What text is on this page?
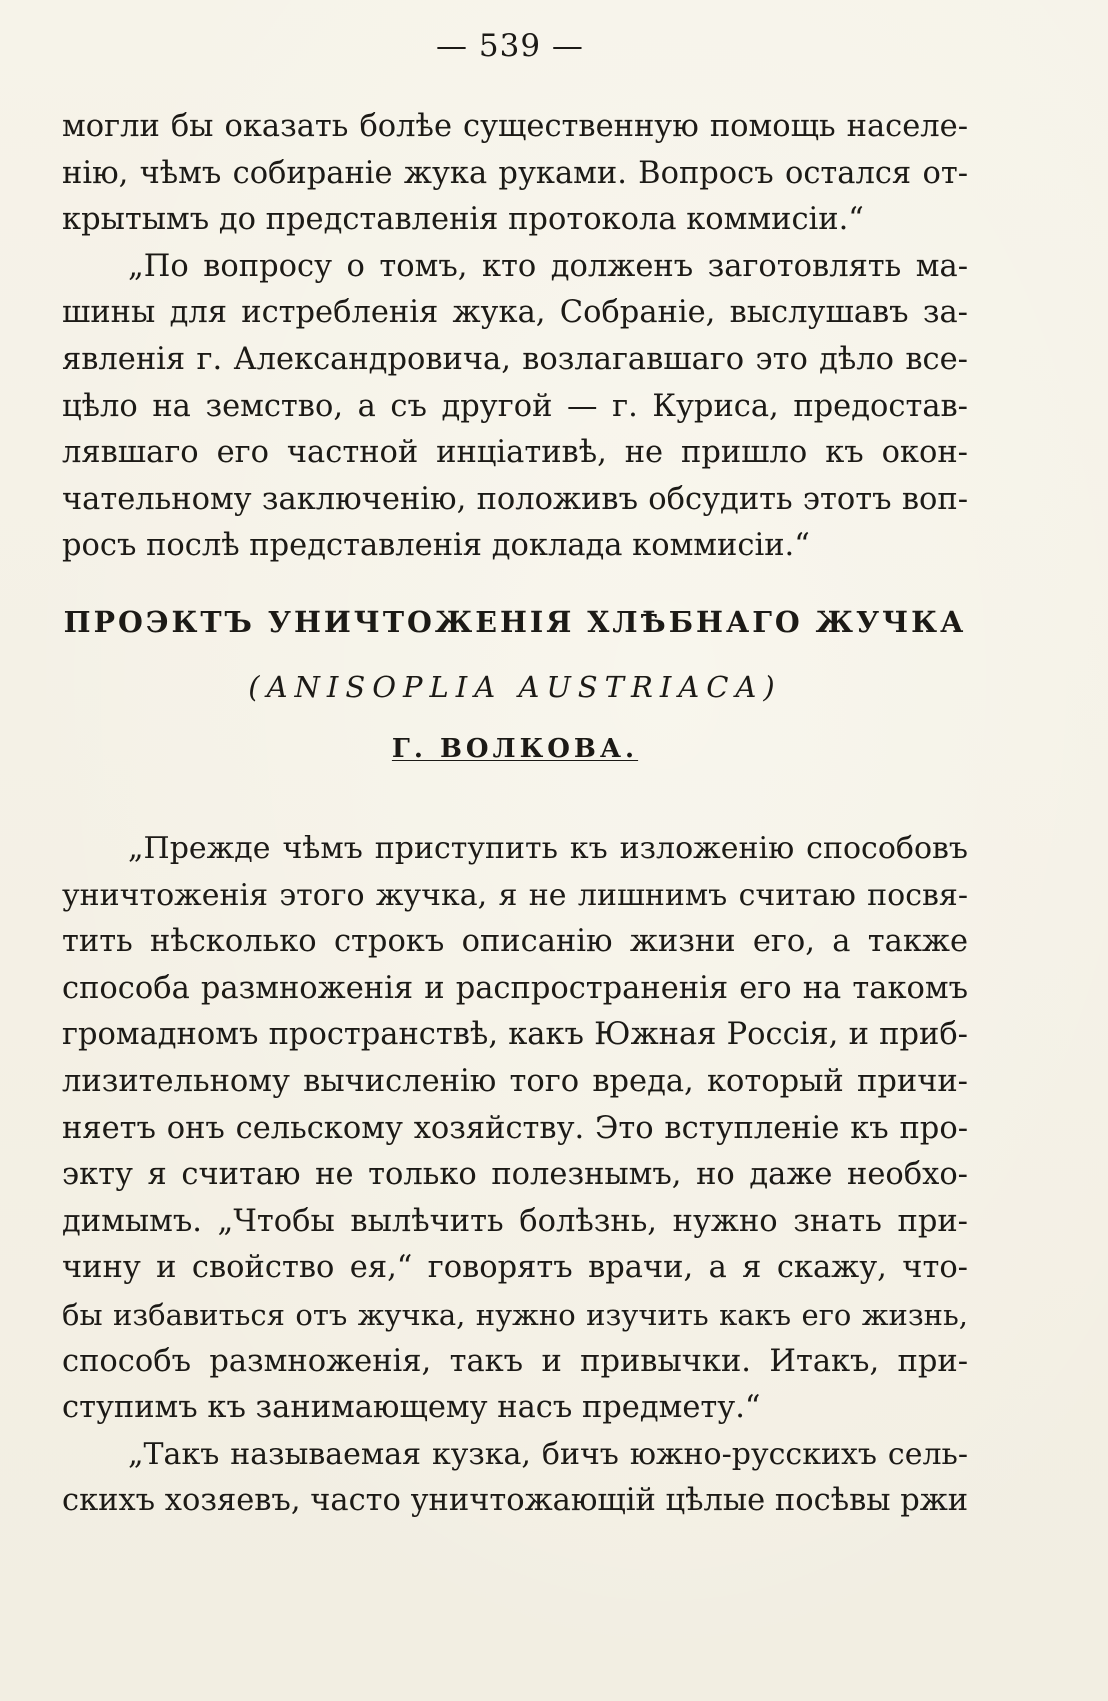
— 539 —
могли бы оказать болѣе существенную помощь населе-
нію, чѣмъ собираніе жука руками. Вопросъ остался от-
крытымъ до представленія протокола коммисіи.“
„По вопросу о томъ, кто долженъ заготовлять ма-
шины для истребленія жука, Собраніе, выслушавъ за-
явленія г. Александровича, возлагавшаго это дѣло все-
цѣло на земство, а съ другой — г. Куриса, предостав-
лявшаго его частной инціативѣ, не пришло къ окон-
чательному заключенію, положивъ обсудить этотъ воп-
росъ послѣ представленія доклада коммисіи.“
ПРОЭКТЪ УНИЧТОЖЕНІЯ ХЛѢБНАГО ЖУЧКА
(ANISOPLIA AUSTRIACA)
Г. ВОЛКОВА.
„Прежде чѣмъ приступить къ изложенію способовъ
уничтоженія этого жучка, я не лишнимъ считаю посвя-
тить нѣсколько строкъ описанію жизни его, а также
способа размноженія и распространенія его на такомъ
громадномъ пространствѣ, какъ Южная Россія, и приб-
лизительному вычисленію того вреда, который причи-
няетъ онъ сельскому хозяйству. Это вступленіе къ про-
экту я считаю не только полезнымъ, но даже необхо-
димымъ. „Чтобы вылѣчить болѣзнь, нужно знать при-
чину и свойство ея,“ говорятъ врачи, а я скажу, что-
бы избавиться отъ жучка, нужно изучить какъ его жизнь,
способъ размноженія, такъ и привычки. Итакъ, при-
ступимъ къ занимающему насъ предмету.“
„Такъ называемая кузка, бичъ южно-русскихъ сель-
скихъ хозяевъ, часто уничтожающій цѣлые посѣвы ржи
